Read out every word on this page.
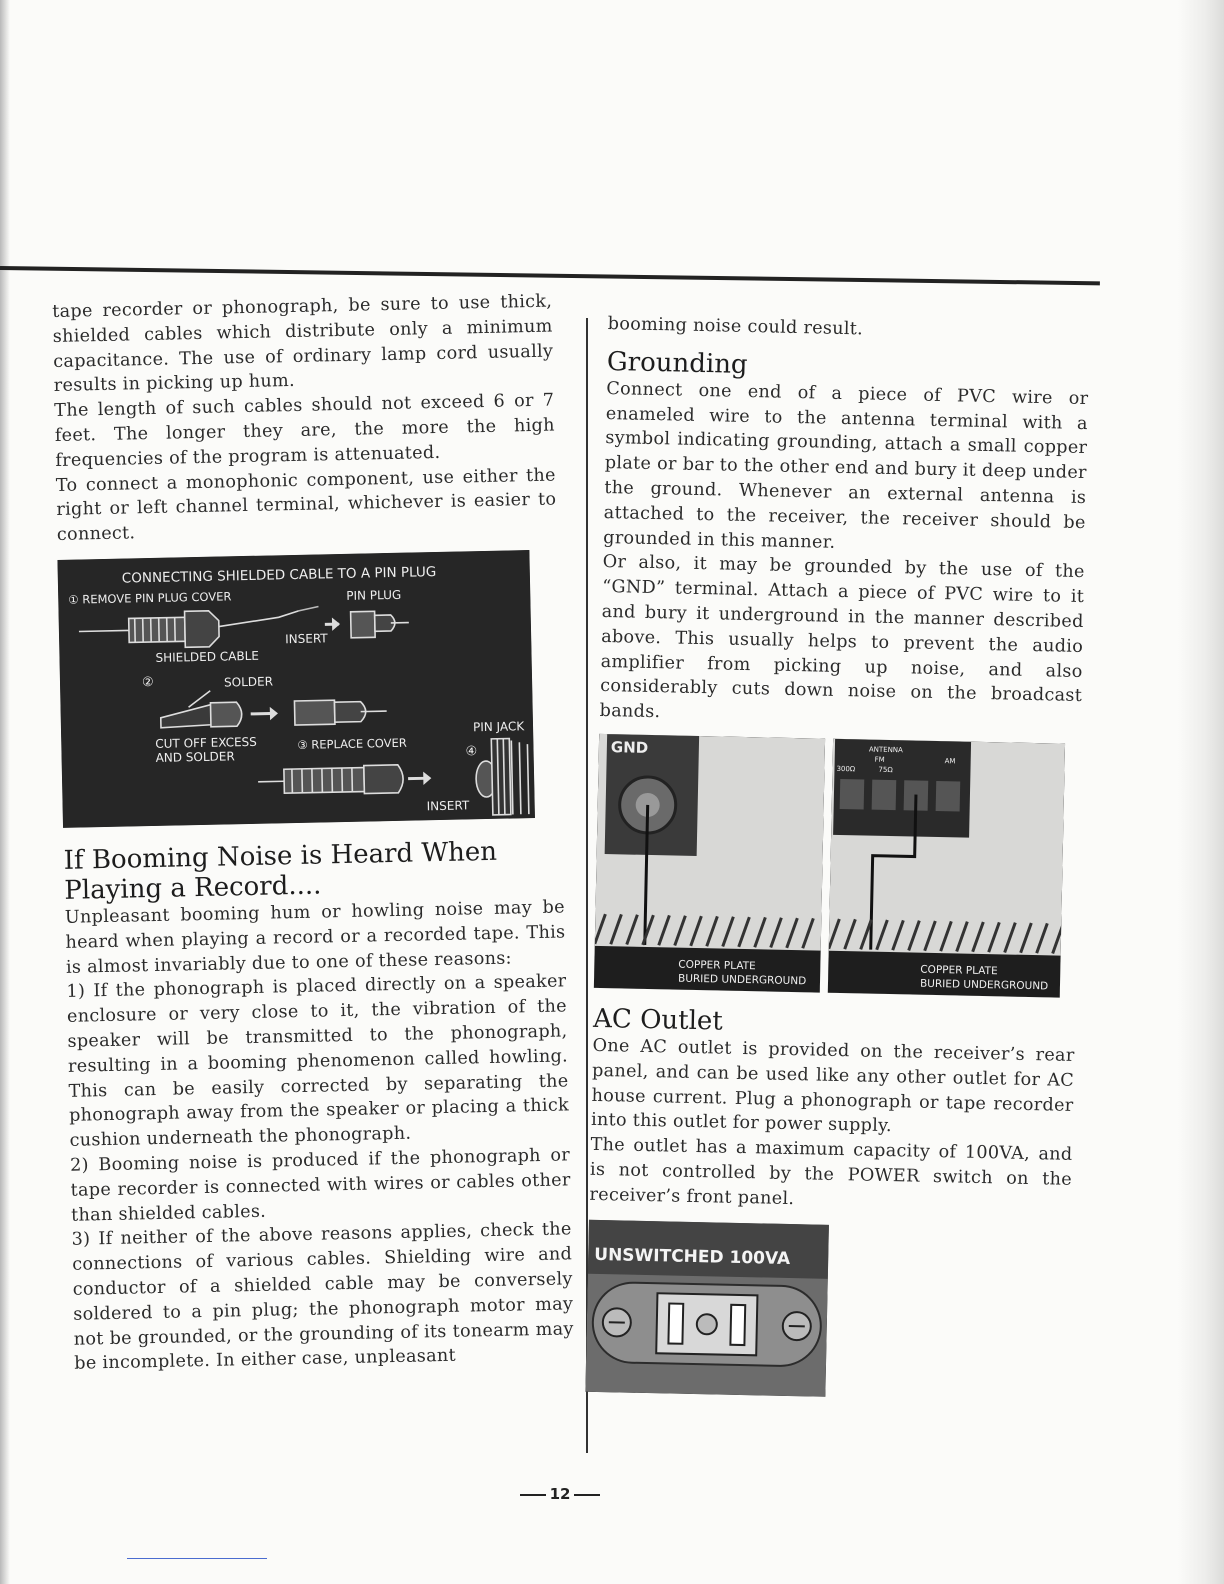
tape recorder or phonograph, be sure to use thick, shielded cables which distribute only a minimum capacitance. The use of ordinary lamp cord usually results in picking up hum.

The length of such cables should not exceed 6 or 7 feet. The longer they are, the more the high frequencies of the program is attenuated.

To connect a monophonic component, use either the right or left channel terminal, whichever is easier to connect.

CONNECTING SHIELDED CABLE TO A PIN PLUG
① REMOVE PIN PLUG COVER	PIN PLUG
INSERT
SHIELDED CABLE
②	SOLDER
PIN JACK
CUT OFF EXCESS
AND SOLDER
③ REPLACE COVER	④
INSERT
If Booming Noise is Heard When Playing a Record....

Unpleasant booming hum or howling noise may be heard when playing a record or a recorded tape. This is almost invariably due to one of these reasons:

1) If the phonograph is placed directly on a speaker enclosure or very close to it, the vibration of the speaker will be transmitted to the phonograph, resulting in a booming phenomenon called howling. This can be easily corrected by separating the phonograph away from the speaker or placing a thick cushion underneath the phonograph.

2) Booming noise is produced if the phonograph or tape recorder is connected with wires or cables other than shielded cables.

3) If neither of the above reasons applies, check the connections of various cables. Shielding wire and conductor of a shielded cable may be conversely soldered to a pin plug; the phonograph motor may not be grounded, or the grounding of its tonearm may be incomplete. In either case, unpleasant

booming noise could result.

Grounding

Connect one end of a piece of PVC wire or enameled wire to the antenna terminal with a symbol indicating grounding, attach a small copper plate or bar to the other end and bury it deep under the ground. Whenever an external antenna is attached to the receiver, the receiver should be grounded in this manner.

Or also, it may be grounded by the use of the “GND” terminal. Attach a piece of PVC wire to it and bury it underground in the manner described above. This usually helps to prevent the audio amplifier from picking up noise, and also considerably cuts down noise on the broadcast bands.

GND
COPPER PLATE
BURIED UNDERGROUND
ANTENNA
FM
300Ω	75Ω
AM
COPPER PLATE
BURIED UNDERGROUND
AC Outlet

One AC outlet is provided on the receiver’s rear panel, and can be used like any other outlet for AC house current. Plug a phonograph or tape recorder into this outlet for power supply.

The outlet has a maximum capacity of 100VA, and is not controlled by the POWER switch on the receiver’s front panel.

UNSWITCHED 100VA
12
